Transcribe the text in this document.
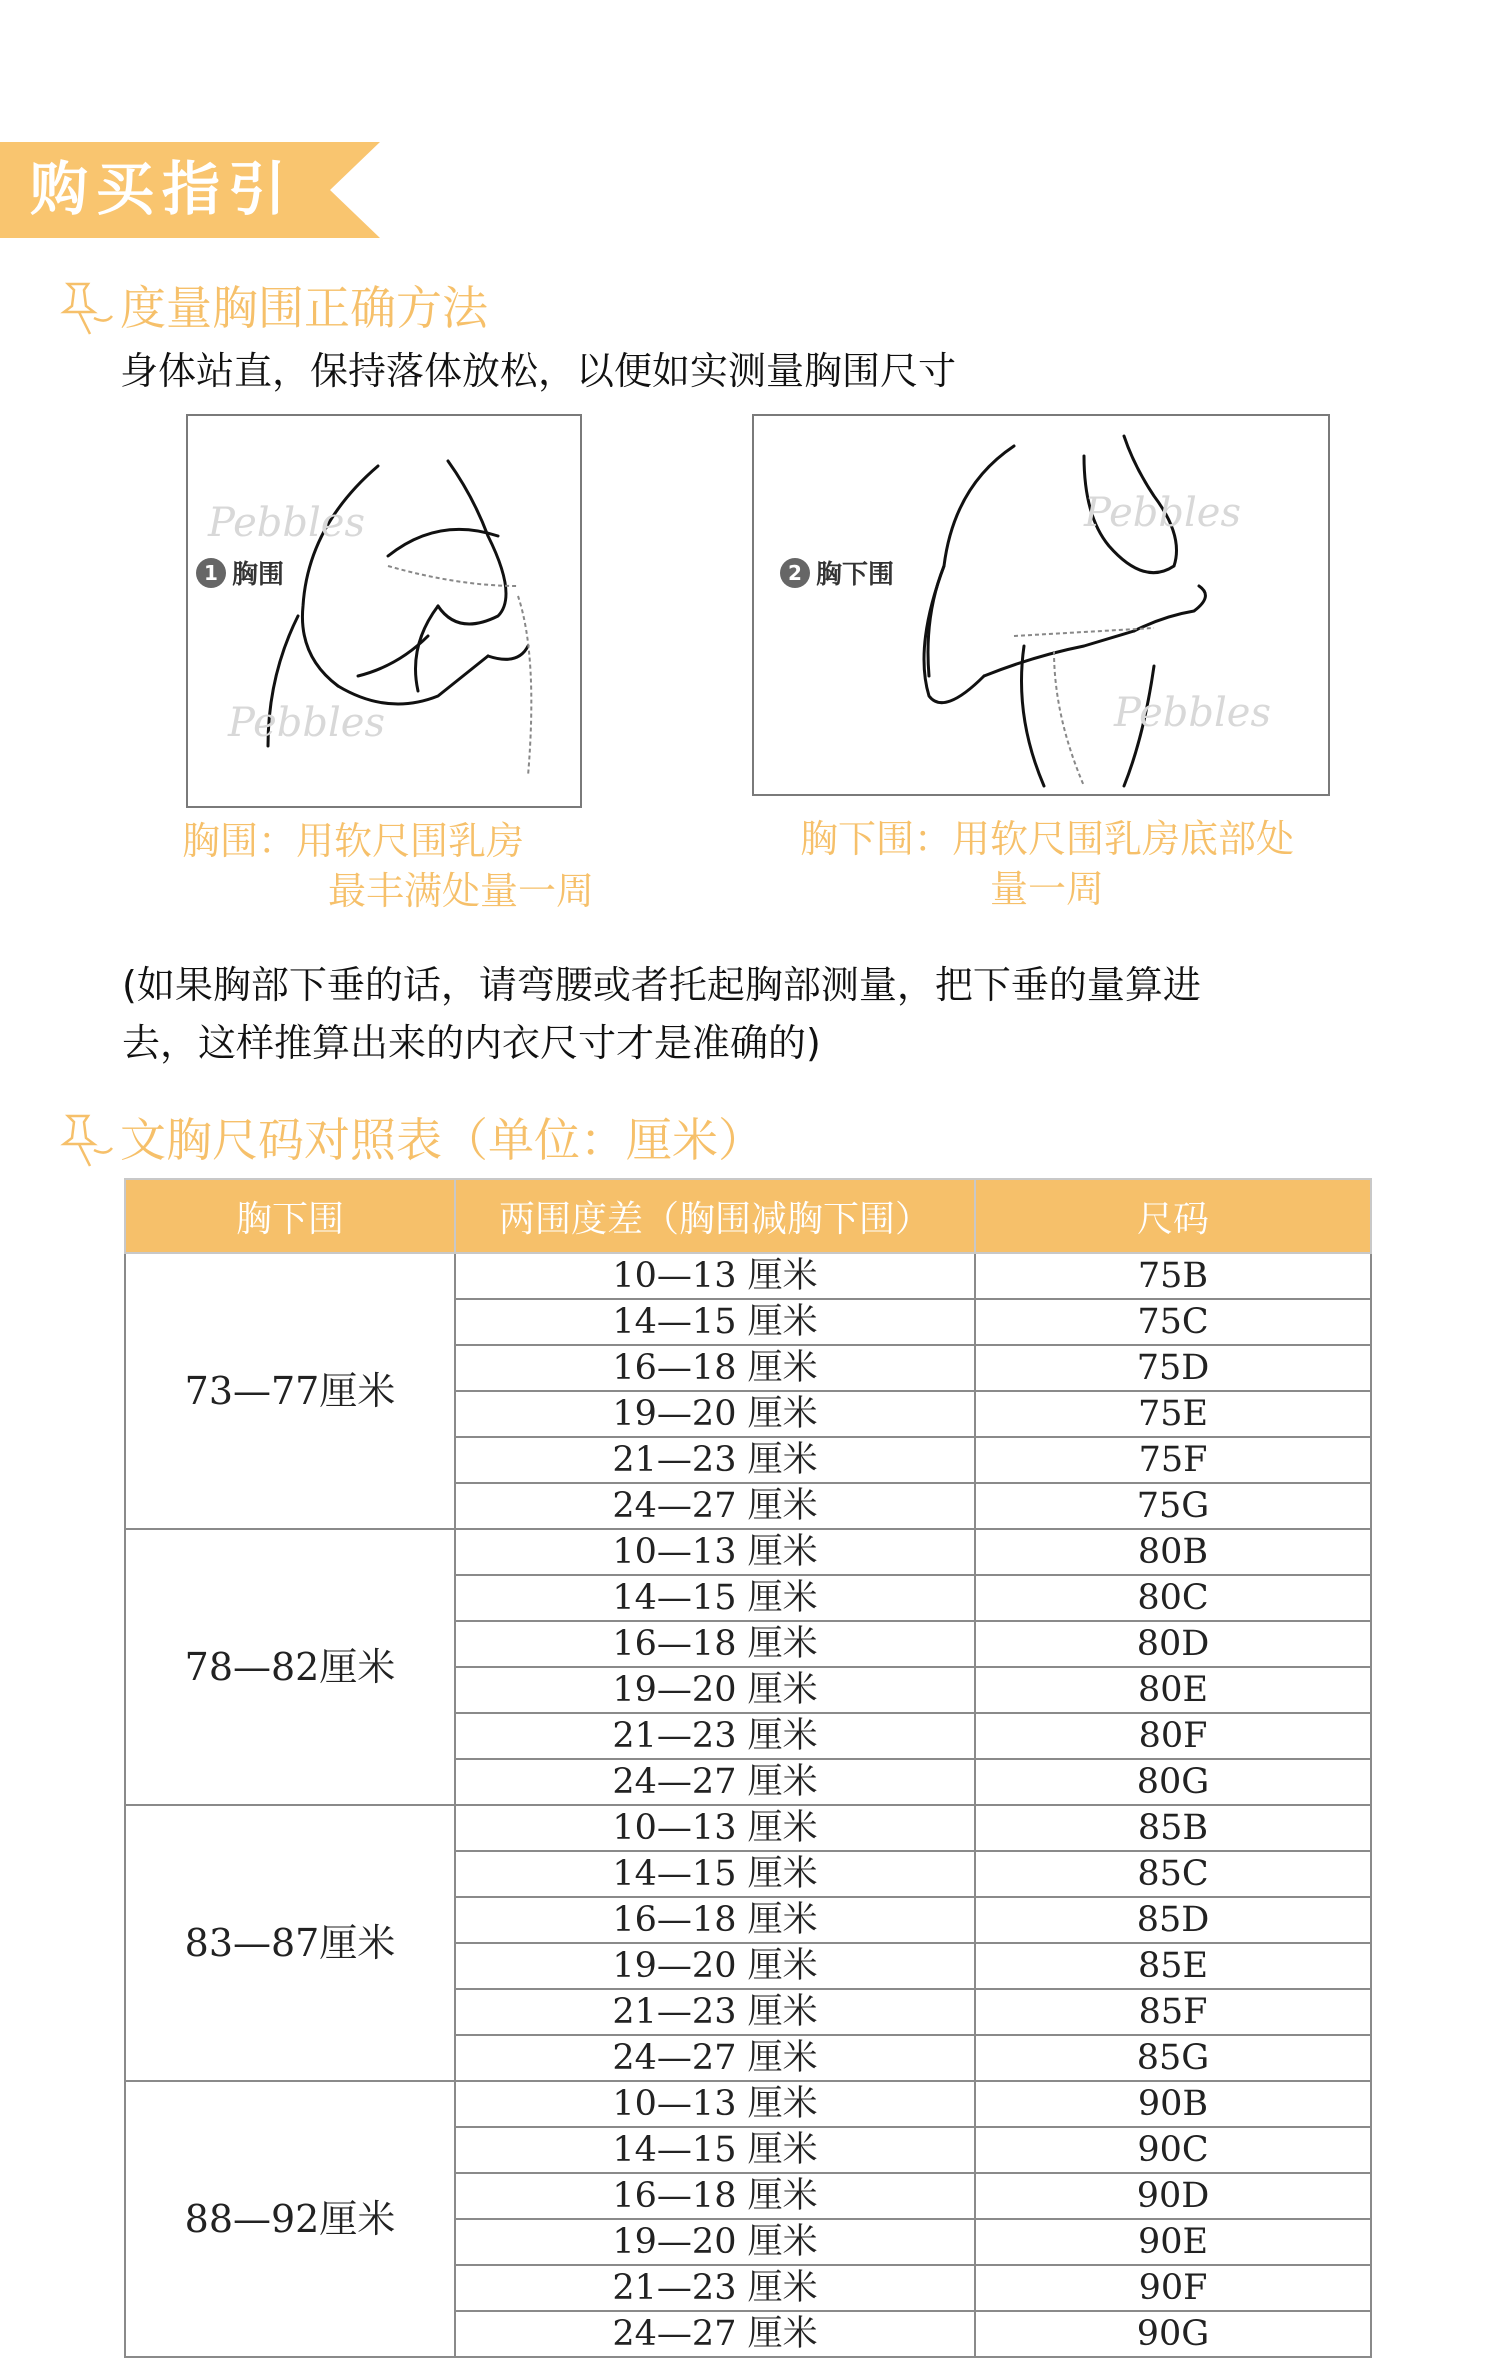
购买指引
度量胸围正确方法
身体站直，保持落体放松，以便如实测量胸围尺寸
Pebbles
Pebbles
1 胸围
Pebbles
Pebbles
2 胸下围
胸围：用软尺围乳房
最丰满处量一周
胸下围：用软尺围乳房底部处
量一周
(如果胸部下垂的话，请弯腰或者托起胸部测量，把下垂的量算进
去，这样推算出来的内衣尺寸才是准确的)
文胸尺码对照表（单位：厘米）
胸下围	两围度差（胸围减胸下围）	尺码
73—77厘米	10—13 厘米	75B
	14—15 厘米	75C
	16—18 厘米	75D
	19—20 厘米	75E
	21—23 厘米	75F
	24—27 厘米	75G
78—82厘米	10—13 厘米	80B
	14—15 厘米	80C
	16—18 厘米	80D
	19—20 厘米	80E
	21—23 厘米	80F
	24—27 厘米	80G
83—87厘米	10—13 厘米	85B
	14—15 厘米	85C
	16—18 厘米	85D
	19—20 厘米	85E
	21—23 厘米	85F
	24—27 厘米	85G
88—92厘米	10—13 厘米	90B
	14—15 厘米	90C
	16—18 厘米	90D
	19—20 厘米	90E
	21—23 厘米	90F
	24—27 厘米	90G
